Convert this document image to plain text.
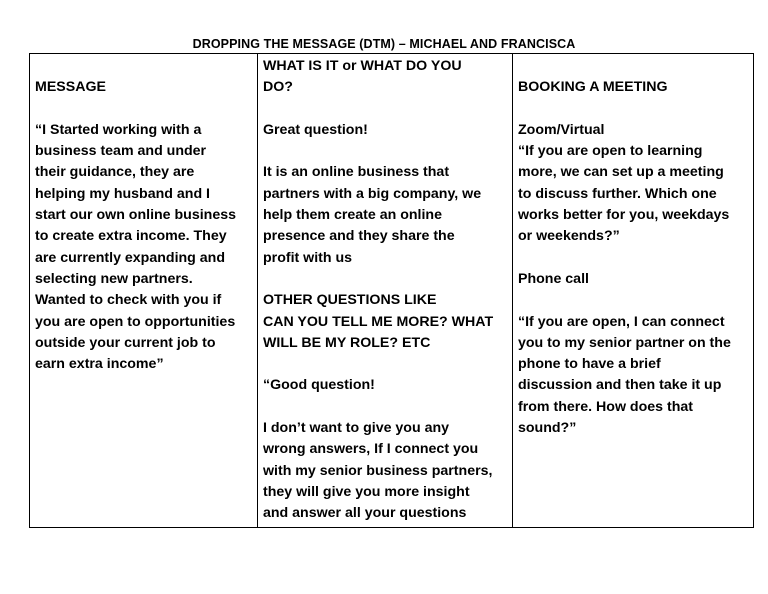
DROPPING THE MESSAGE (DTM) – MICHAEL AND FRANCISCA
MESSAGE
“I Started working with a
business team and under
their guidance, they are
helping my husband and I
start our own online business
to create extra income. They
are currently expanding and
selecting new partners.
Wanted to check with you if
you are open to opportunities
outside your current job to
earn extra income”
WHAT IS IT or WHAT DO YOU
DO?
Great question!
It is an online business that
partners with a big company, we
help them create an online
presence and they share the
profit with us
OTHER QUESTIONS LIKE
CAN YOU TELL ME MORE? WHAT
WILL BE MY ROLE? ETC
“Good question!
I don’t want to give you any
wrong answers, If I connect you
with my senior business partners,
they will give you more insight
and answer all your questions
BOOKING A MEETING
Zoom/Virtual
“If you are open to learning
more, we can set up a meeting
to discuss further. Which one
works better for you, weekdays
or weekends?”
Phone call
“If you are open, I can connect
you to my senior partner on the
phone to have a brief
discussion and then take it up
from there. How does that
sound?”
